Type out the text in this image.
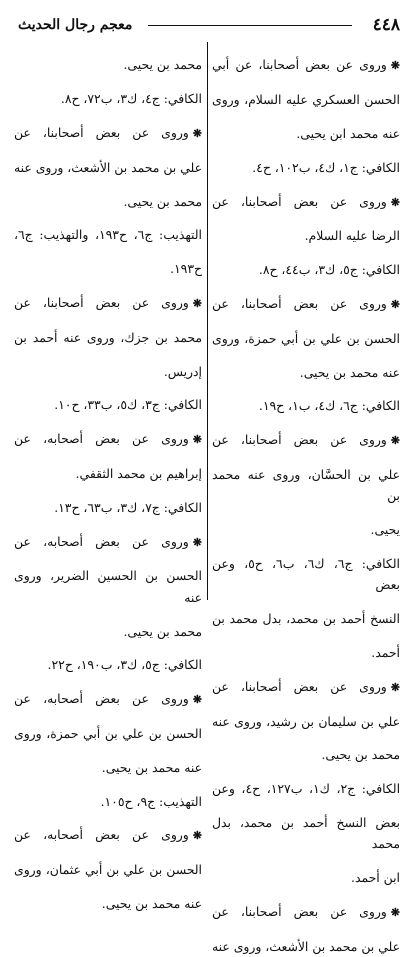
٤٤٨
معجم رجال الحديث

❋وروى عن بعض أصحابنا، عن أبي

الحسن العسكري عليه السلام، وروى

عنه محمد ابن يحيى.

الكافي: ج١، ك٤، ب١٠٢، ح٤.

❋وروى عن بعض أصحابنا، عن

الرضا عليه السلام.

الكافي: ج٥، ك٣، ب٤٤، ح٨.

❋وروى عن بعض أصحابنا، عن

الحسن بن علي بن أبي حمزة، وروى

عنه محمد بن يحيى.

الكافي: ج٦، ك٤، ب١، ح١٩.

❋وروى عن بعض أصحابنا، عن

علي بن الحسَّان، وروى عنه محمد بن

يحيى.

الكافي: ج٦، ك٦، ب٦، ح٥، وعن بعض

النسخ أحمد بن محمد، بدل محمد بن

أحمد.

❋وروى عن بعض أصحابنا، عن

علي بن سليمان بن رشيد، وروى عنه

محمد بن يحيى.

الكافي: ج٢، ك١، ب١٢٧، ح٤، وعن

بعض النسخ أحمد بن محمد، بدل محمد

ابن أحمد.

❋وروى عن بعض أصحابنا، عن

علي بن محمد بن الأشعث، وروى عنه

محمد بن يحيى.

الكافي: ج٤، ك٣، ب٧٢، ح٨.

❋وروى عن بعض أصحابنا، عن

علي بن محمد بن الأشعث، وروى عنه

محمد بن يحيى.

التهذيب: ج٦، ح١٩٣، والتهذيب: ج٦،

ح١٩٣.

❋وروى عن بعض أصحابنا، عن

محمد بن جزك، وروى عنه أحمد بن

إدريس.

الكافي: ج٣، ك٥، ب٣٣، ح١٠.

❋وروى عن بعض أصحابه، عن

إبراهيم بن محمد الثقفي.

الكافي: ج٧، ك٣، ب٦٣، ح١٣.

❋وروى عن بعض أصحابه، عن

الحسن بن الحسين الضرير، وروى عنه

محمد بن يحيى.

الكافي: ج٥، ك٣، ب١٩٠، ح٢٢.

❋وروى عن بعض أصحابه، عن

الحسن بن علي بن أبي حمزة، وروى

عنه محمد بن يحيى.

التهذيب: ج٩، ح١٠٥.

❋وروى عن بعض أصحابه، عن

الحسن بن علي بن أبي عثمان، وروى

عنه محمد بن يحيى.
